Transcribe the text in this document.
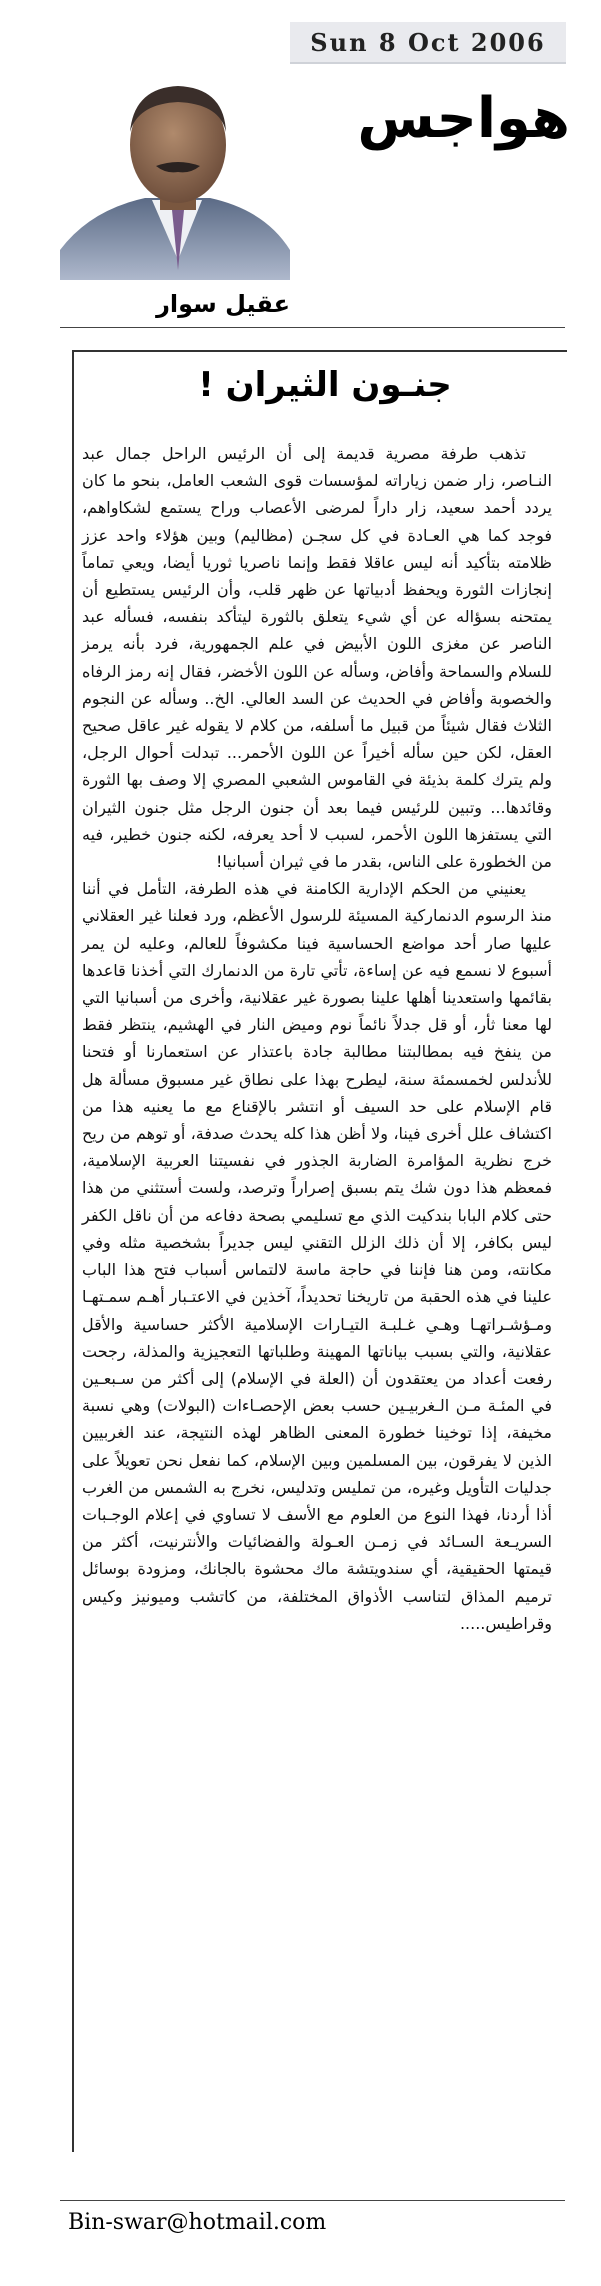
Sun 8 Oct 2006
هواجس
عقيل سوار
جنـون الثيران !

تذهب طرفة مصرية قديمة إلى أن الرئيس الراحل جمال عبد النـاصر، زار ضمن زياراته لمؤسسات قوى الشعب العامل، بنحو ما كان يردد أحمد سعيد، زار داراً لمرضى الأعصاب وراح يستمع لشكاواهم، فوجد كما هي العـادة في كل سجـن (مظاليم) وبين هؤلاء واحد عزز ظلامته بتأكيد أنه ليس عاقلا فقط وإنما ناصريا ثوريا أيضا، ويعي تماماً إنجازات الثورة ويحفظ أدبياتها عن ظهر قلب، وأن الرئيس يستطيع أن يمتحنه بسؤاله عن أي شيء يتعلق بالثورة ليتأكد بنفسه، فسأله عبد الناصر عن مغزى اللون الأبيض في علم الجمهورية، فرد بأنه يرمز للسلام والسماحة وأفاض، وسأله عن اللون الأخضر، فقال إنه رمز الرفاه والخصوبة وأفاض في الحديث عن السد العالي. الخ.. وسأله عن النجوم الثلاث فقال شيئاً من قبيل ما أسلفه، من كلام لا يقوله غير عاقل صحيح العقل، لكن حين سأله أخيراً عن اللون الأحمر... تبدلت أحوال الرجل، ولم يترك كلمة بذيئة في القاموس الشعبي المصري إلا وصف بها الثورة وقائدها... وتبين للرئيس فيما بعد أن جنون الرجل مثل جنون الثيران التي يستفزها اللون الأحمر، لسبب لا أحد يعرفه، لكنه جنون خطير، فيه من الخطورة على الناس، بقدر ما في ثيران أسبانيا!

يعنيني من الحكم الإدارية الكامنة في هذه الطرفة، التأمل في أننا منذ الرسوم الدنماركية المسيئة للرسول الأعظم، ورد فعلنا غير العقلاني عليها صار أحد مواضع الحساسية فينا مكشوفاً للعالم، وعليه لن يمر أسبوع لا نسمع فيه عن إساءة، تأتي تارة من الدنمارك التي أخذنا قاعدها بقائمها واستعدينا أهلها علينا بصورة غير عقلانية، وأخرى من أسبانيا التي لها معنا ثأر، أو قل جدلاً نائماً نوم وميض النار في الهشيم، ينتظر فقط من ينفخ فيه بمطالبتنا مطالبة جادة باعتذار عن استعمارنا أو فتحنا للأندلس لخمسمئة سنة، ليطرح بهذا على نطاق غير مسبوق مسألة هل قام الإسلام على حد السيف أو انتشر بالإقناع مع ما يعنيه هذا من اكتشاف علل أخرى فينا، ولا أظن هذا كله يحدث صدفة، أو توهم من ريح خرج نظرية المؤامرة الضاربة الجذور في نفسيتنا العربية الإسلامية، فمعظم هذا دون شك يتم بسبق إصراراً وترصد، ولست أستثني من هذا حتى كلام البابا بندكيت الذي مع تسليمي بصحة دفاعه من أن ناقل الكفر ليس بكافر، إلا أن ذلك الزلل التقني ليس جديراً بشخصية مثله وفي مكانته، ومن هنا فإننا في حاجة ماسة لالتماس أسباب فتح هذا الباب علينا في هذه الحقبة من تاريخنا تحديداً، آخذين في الاعتـبار أهـم سمـتهـا ومـؤشـراتهـا وهـي غـلبـة التيـارات الإسلامية الأكثر حساسية والأقل عقلانية، والتي بسبب بياناتها المهينة وطلباتها التعجيزية والمذلة، رجحت رفعت أعداد من يعتقدون أن (العلة في الإسلام) إلى أكثر من سـبعـين في المئـة مـن الـغربيـين حسب بعض الإحصـاءات (البولات) وهي نسبة مخيفة، إذا توخينا خطورة المعنى الظاهر لهذه النتيجة، عند الغربيين الذين لا يفرقون، بين المسلمين وبين الإسلام، كما نفعل نحن تعويلاً على جدليات التأويل وغيره، من تمليس وتدليس، نخرج به الشمس من الغرب أذا أردنا، فهذا النوع من العلوم مع الأسف لا تساوي في إعلام الوجـبات السريـعة السـائد في زمـن العـولة والفضائيات والأنترنيت، أكثر من قيمتها الحقيقية، أي سندويتشة ماك محشوة بالجانك، ومزودة بوسائل ترميم المذاق لتناسب الأذواق المختلفة، من كاتشب وميونيز وكيس وقراطيس.....

Bin-swar@hotmail.com
